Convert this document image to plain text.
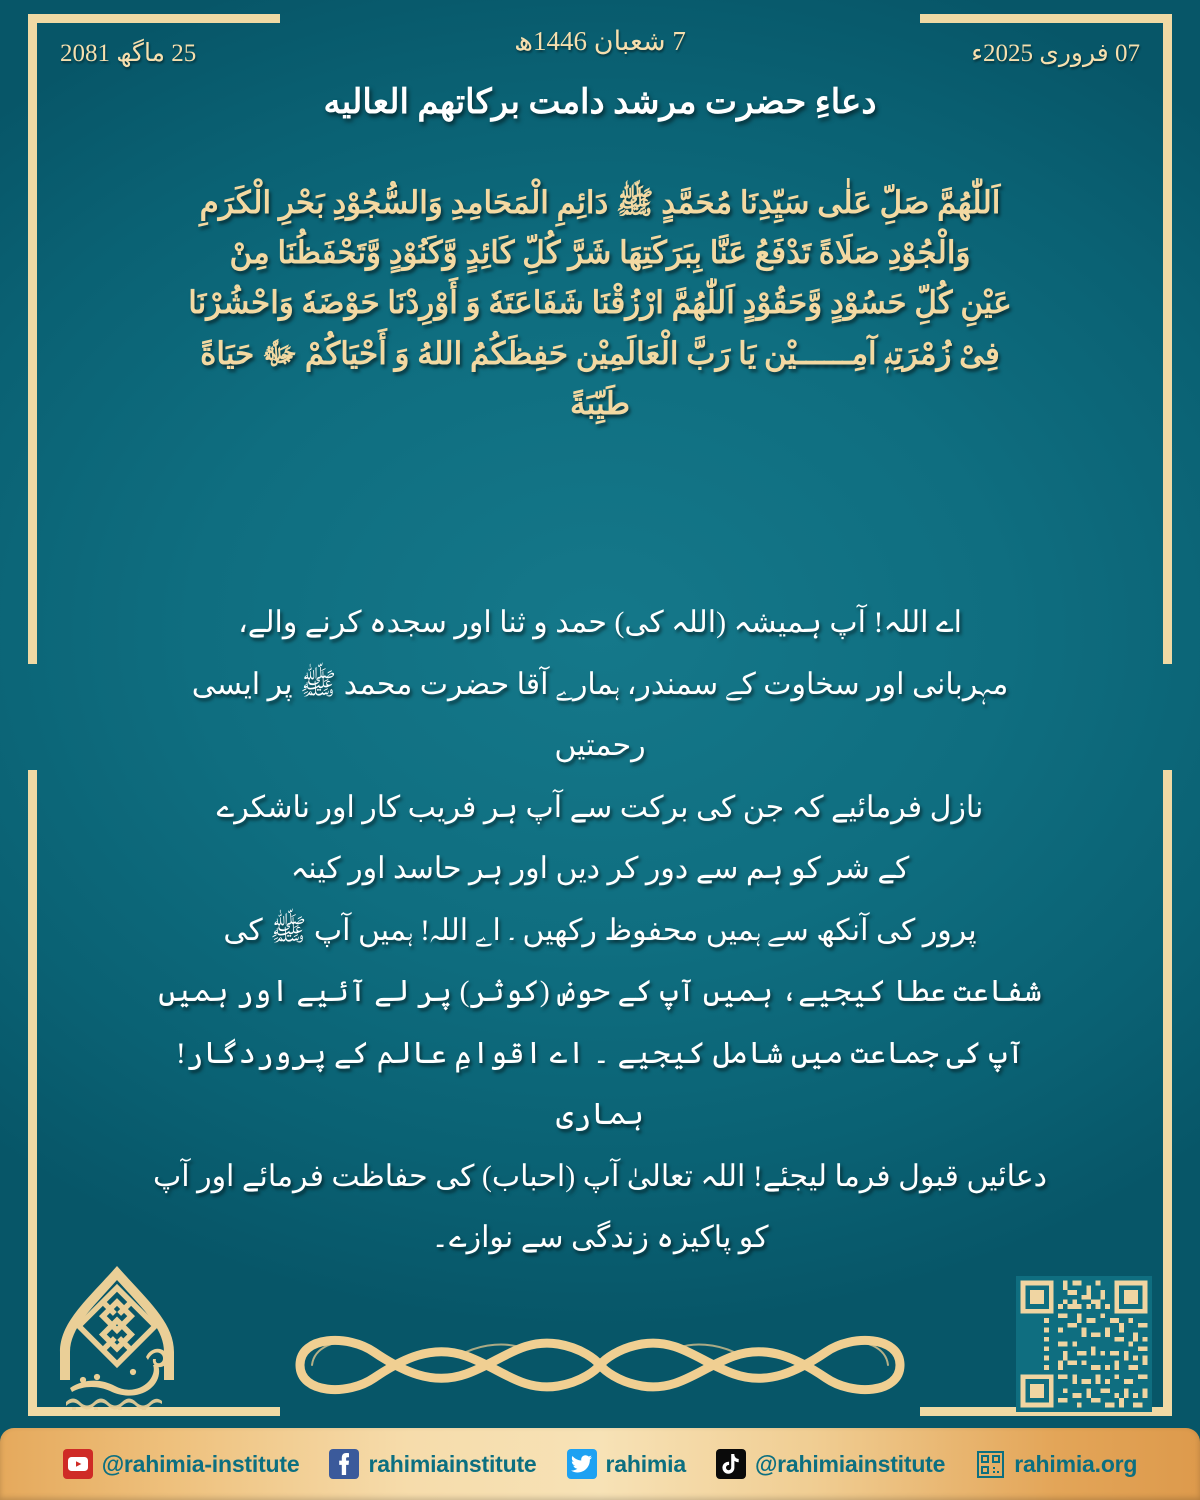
7 شعبان 1446ھ	07 فروری 2025ء
25 ماگھ 2081
دعاءِ حضرت مرشد دامت بركاتهم العالیه
اَللّٰهُمَّ صَلِّ عَلٰى سَيِّدِنَا مُحَمَّدٍ ﷺ دَائِمِ الْمَحَامِدِ وَالسُّجُوْدِ بَحْرِ الْكَرَمِ
وَالْجُوْدِ صَلَاةً تَدْفَعُ عَنَّا بِبَرَكَتِهَا شَرَّ كُلِّ كَائِدٍ وَّكَنُوْدٍ وَّتَحْفَظُنَا مِنْ
عَيْنِ كُلِّ حَسُوْدٍ وَّحَقُوْدٍ اَللّٰهُمَّ ارْزُقْنَا شَفَاعَتَهٗ وَ أَوْرِدْنَا حَوْضَهٗ وَاحْشُرْنَا
فِىْ زُمْرَتِهٖ آمِــــــيْن يَا رَبَّ الْعَالَمِيْن حَفِظَكُمُ اللهُ وَ أَحْيَاكُمْ ﷻ حَيَاةً
طَيِّبَةً
اے اللہ! آپ ہمیشہ (اللہ کی) حمد و ثنا اور سجدہ کرنے والے،
مہربانی اور سخاوت کے سمندر، ہمارے آقا حضرت محمد ﷺ پر ایسی رحمتیں
نازل فرمائیے کہ جن کی برکت سے آپ ہر فریب کار اور ناشکرے
کے شر کو ہم سے دور کر دیں اور ہر حاسد اور کینہ
پرور کی آنکھ سے ہمیں محفوظ رکھیں ۔ اے اللہ! ہمیں آپ ﷺ کی
شفاعت عطا کیجیے، ہمیں آپ کے حوض (کوثر) پر لے آئیے اور ہمیں
آپ کی جماعت میں شامل کیجیے ۔ اے اقوامِ عالم کے پروردگار! ہماری
دعائیں قبول فرما لیجئے! اللہ تعالیٰ آپ (احباب) کی حفاظت فرمائے اور آپ
کو پاکیزہ زندگی سے نوازے۔
@rahimia-institute	rahimiainstitute	rahimia	@rahimiainstitute	rahimia.org
